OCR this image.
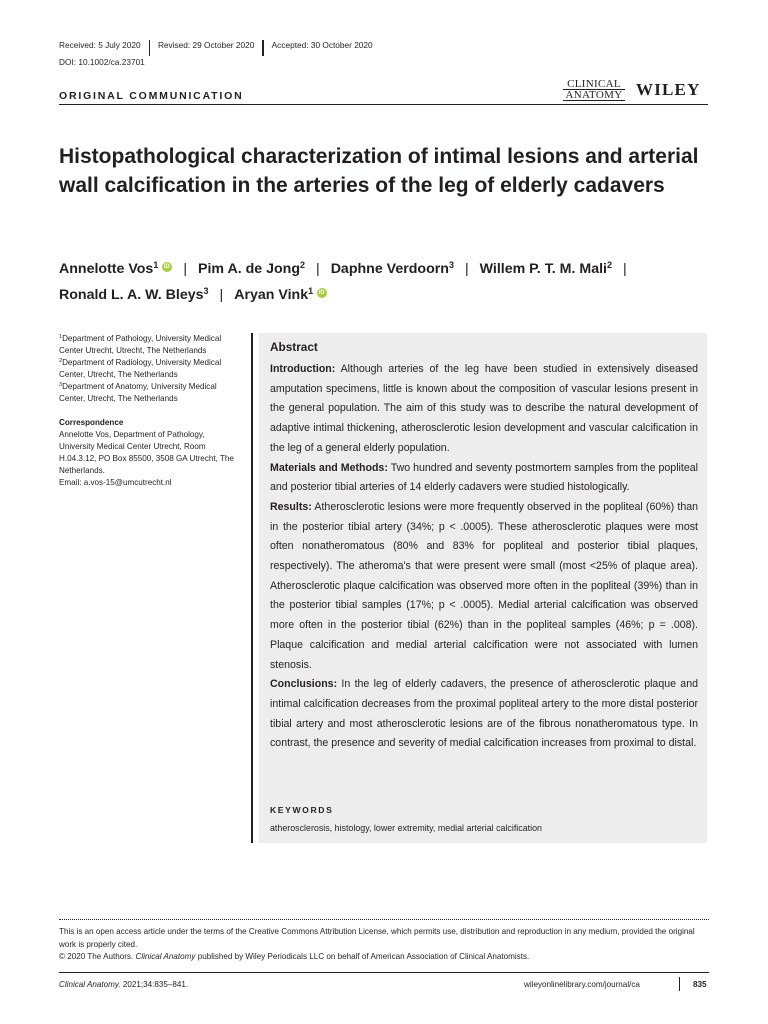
Received: 5 July 2020 Revised: 29 October 2020 Accepted: 30 October 2020
DOI: 10.1002/ca.23701
ORIGINAL COMMUNICATION
CLINICAL
ANATOMY WILEY
Histopathological characterization of intimal lesions and arterial wall calcification in the arteries of the leg of elderly cadavers
Annelotte Vos$^1$iD | Pim A. de Jong$^2$ | Daphne Verdoorn$^3$ | Willem P. T. M. Mali$^2$ |
Ronald L. A. W. Bleys$^3$ | Aryan Vink$^1$iD
$^1$Department of Pathology, University Medical Center Utrecht, Utrecht, The Netherlands
$^2$Department of Radiology, University Medical Center, Utrecht, The Netherlands
$^3$Department of Anatomy, University Medical Center, Utrecht, The Netherlands
Correspondence
Annelotte Vos, Department of Pathology, University Medical Center Utrecht, Room H.04.3.12, PO Box 85500, 3508 GA Utrecht, The Netherlands.
Email: a.vos-15@umcutrecht.nl
Abstract

Introduction: Although arteries of the leg have been studied in extensively diseased amputation specimens, little is known about the composition of vascular lesions present in the general population. The aim of this study was to describe the natural development of adaptive intimal thickening, atherosclerotic lesion development and vascular calcification in the leg of a general elderly population.

Materials and Methods: Two hundred and seventy postmortem samples from the popliteal and posterior tibial arteries of 14 elderly cadavers were studied histologically.

Results: Atherosclerotic lesions were more frequently observed in the popliteal (60%) than in the posterior tibial artery (34%; p < .0005). These atherosclerotic plaques were most often nonatheromatous (80% and 83% for popliteal and posterior tibial plaques, respectively). The atheroma's that were present were small (most <25% of plaque area). Atherosclerotic plaque calcification was observed more often in the popliteal (39%) than in the posterior tibial samples (17%; p < .0005). Medial arterial calcification was observed more often in the posterior tibial (62%) than in the popliteal samples (46%; p = .008). Plaque calcification and medial arterial calcification were not associated with lumen stenosis.

Conclusions: In the leg of elderly cadavers, the presence of atherosclerotic plaque and intimal calcification decreases from the proximal popliteal artery to the more distal posterior tibial artery and most atherosclerotic lesions are of the fibrous nonatheromatous type. In contrast, the presence and severity of medial calcification increases from proximal to distal.

KEYWORDS
atherosclerosis, histology, lower extremity, medial arterial calcification
This is an open access article under the terms of the Creative Commons Attribution License, which permits use, distribution and reproduction in any medium, provided the original work is properly cited.
© 2020 The Authors. Clinical Anatomy published by Wiley Periodicals LLC on behalf of American Association of Clinical Anatomists.
Clinical Anatomy. 2021;34:835–841.	wileyonlinelibrary.com/journal/ca	835
